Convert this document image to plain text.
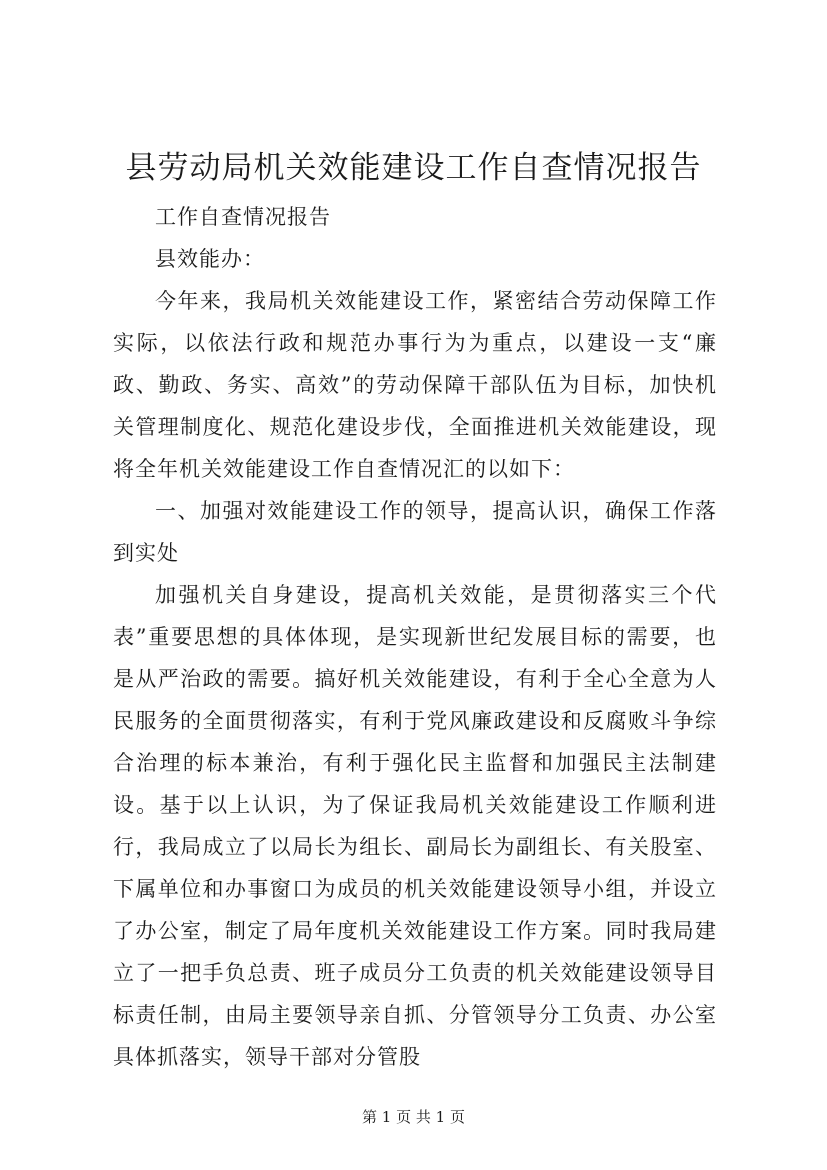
县劳动局机关效能建设工作自查情况报告

工作自查情况报告

县效能办：

今年来，我局机关效能建设工作，紧密结合劳动保障工作实际，以依法行政和规范办事行为为重点，以建设一支“廉政、勤政、务实、高效”的劳动保障干部队伍为目标，加快机关管理制度化、规范化建设步伐，全面推进机关效能建设，现将全年机关效能建设工作自查情况汇的以如下：

一、加强对效能建设工作的领导，提高认识，确保工作落到实处

加强机关自身建设，提高机关效能，是贯彻落实三个代表”重要思想的具体体现，是实现新世纪发展目标的需要，也是从严治政的需要。搞好机关效能建设，有利于全心全意为人民服务的全面贯彻落实，有利于党风廉政建设和反腐败斗争综合治理的标本兼治，有利于强化民主监督和加强民主法制建设。基于以上认识，为了保证我局机关效能建设工作顺利进行，我局成立了以局长为组长、副局长为副组长、有关股室、下属单位和办事窗口为成员的机关效能建设领导小组，并设立了办公室，制定了局年度机关效能建设工作方案。同时我局建立了一把手负总责、班子成员分工负责的机关效能建设领导目标责任制，由局主要领导亲自抓、分管领导分工负责、办公室具体抓落实，领导干部对分管股

第 1 页 共 1 页
